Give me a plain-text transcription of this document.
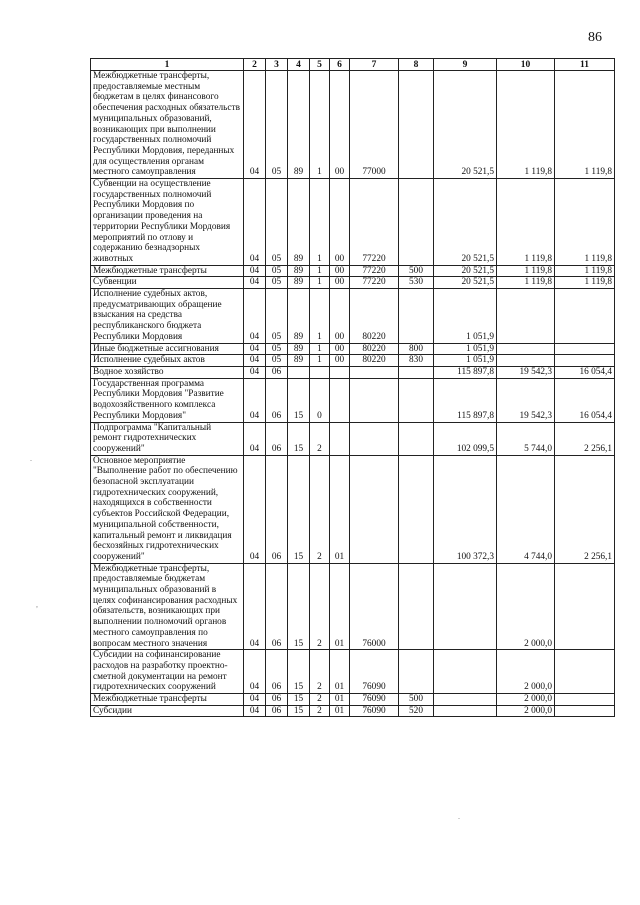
86
1	2	3	4	5	6	7	8	9	10	11
Межбюджетные трансферты, предоставляемые местным бюджетам в целях финансового обеспечения расходных обязательств муниципальных образований, возникающих при выполнении государственных полномочий Республики Мордовия, переданных для осуществления органам местного самоуправления	04	05	89	1	00	77000		20 521,5	1 119,8	1 119,8
Субвенции на осуществление государственных полномочий Республики Мордовия по организации проведения на территории Республики Мордовия мероприятий по отлову и содержанию безнадзорных животных	04	05	89	1	00	77220		20 521,5	1 119,8	1 119,8
Межбюджетные трансферты	04	05	89	1	00	77220	500	20 521,5	1 119,8	1 119,8
Субвенции	04	05	89	1	00	77220	530	20 521,5	1 119,8	1 119,8
Исполнение судебных актов, предусматривающих обращение взыскания на средства республиканского бюджета Республики Мордовия	04	05	89	1	00	80220		1 051,9		
Иные бюджетные ассигнования	04	05	89	1	00	80220	800	1 051,9		
Исполнение судебных актов	04	05	89	1	00	80220	830	1 051,9		
Водное хозяйство	04	06						115 897,8	19 542,3	16 054,4
Государственная программа Республики Мордовия "Развитие водохозяйственного комплекса Республики Мордовия"	04	06	15	0				115 897,8	19 542,3	16 054,4
Подпрограмма "Капитальный ремонт гидротехнических сооружений"	04	06	15	2				102 099,5	5 744,0	2 256,1
Основное мероприятие "Выполнение работ по обеспечению безопасной эксплуатации гидротехнических сооружений, находящихся в собственности субъектов Российской Федерации, муниципальной собственности, капитальный ремонт и ликвидация бесхозяйных гидротехнических сооружений"	04	06	15	2	01			100 372,3	4 744,0	2 256,1
Межбюджетные трансферты, предоставляемые бюджетам муниципальных образований в целях софинансирования расходных обязательств, возникающих при выполнении полномочий органов местного самоуправления по вопросам местного значения	04	06	15	2	01	76000			2 000,0	
Субсидии на софинансирование расходов на разработку проектно-сметной документации на ремонт гидротехнических сооружений	04	06	15	2	01	76090			2 000,0	
Межбюджетные трансферты	04	06	15	2	01	76090	500		2 000,0	
Субсидии	04	06	15	2	01	76090	520		2 000,0	
.
,
.
